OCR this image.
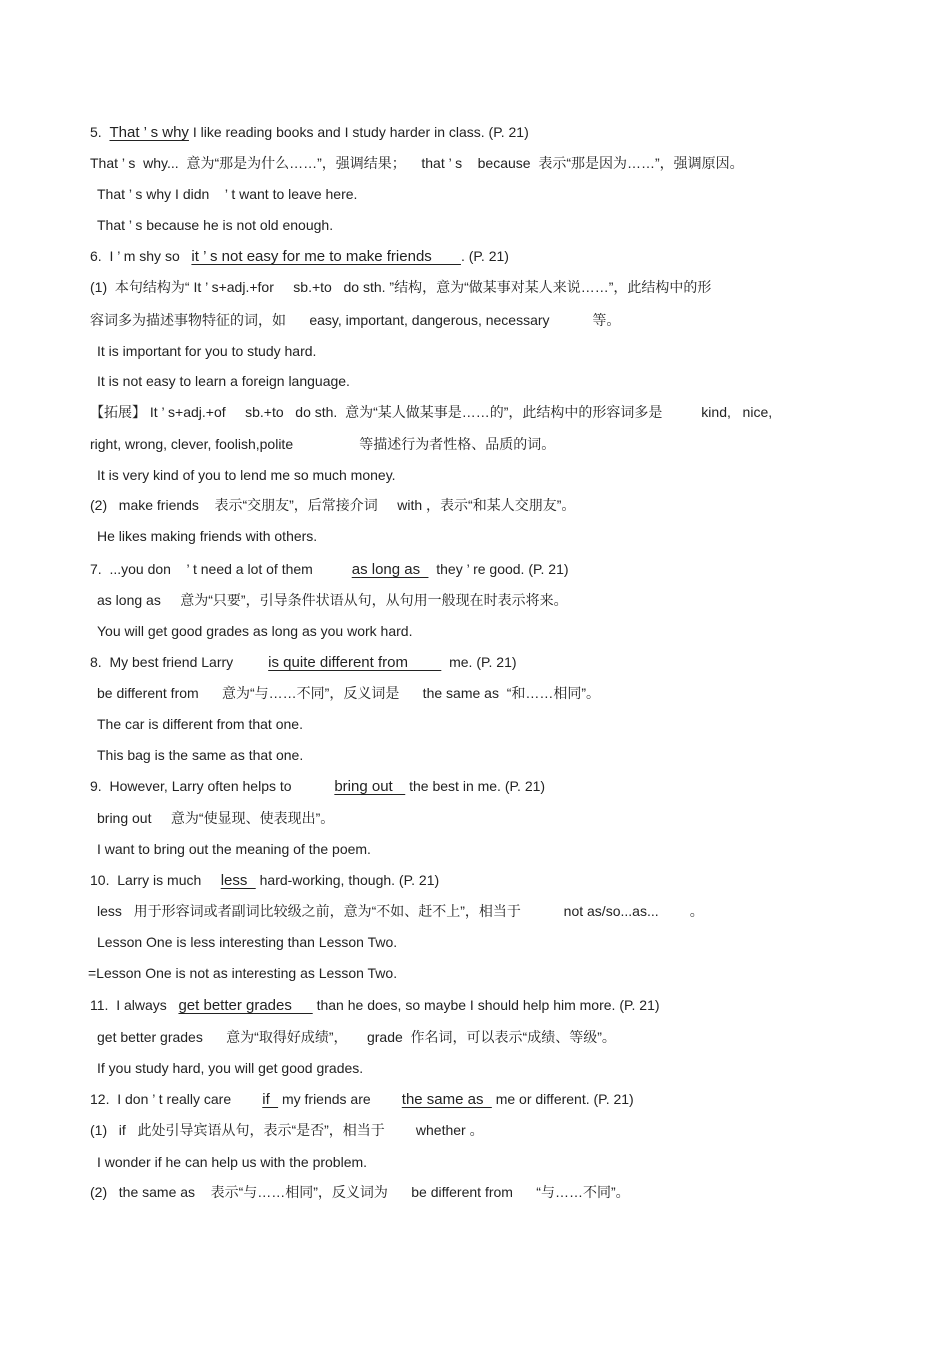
5.  That ’ s why I like reading books and I study harder in class. (P. 21)
That ’ s  why...  意为“那是为什么……”，强调结果；    that ’ s    because  表示“那是因为……”，强调原因。
That ’ s why I didn    ’ t want to leave here.
That ’ s because he is not old enough.
6.  I ’ m shy so   it ’ s not easy for me to make friends       . (P. 21)
(1)  本句结构为“ It ’ s+adj.+for     sb.+to   do sth. ”结构，意为“做某事对某人来说……”，此结构中的形
容词多为描述事物特征的词，如      easy, important, dangerous, necessary           等。
It is important for you to study hard.
It is not easy to learn a foreign language.
【拓展】 It ’ s+adj.+of     sb.+to   do sth.  意为“某人做某事是……的”，此结构中的形容词多是          kind,   nice,
right, wrong, clever, foolish,polite                 等描述行为者性格、品质的词。
It is very kind of you to lend me so much money.
(2)   make friends    表示“交朋友”，后常接介词     with ，表示“和某人交朋友”。
He likes making friends with others.
7.  ...you don    ’ t need a lot of them          as long as    they ’ re good. (P. 21)
as long as     意为“只要”，引导条件状语从句，从句用一般现在时表示将来。
You will get good grades as long as you work hard.
8.  My best friend Larry         is quite different from          me. (P. 21)
be different from      意为“与……不同”，反义词是      the same as  “和……相同”。
The car is different from that one.
This bag is the same as that one.
9.  However, Larry often helps to           bring out    the best in me. (P. 21)
bring out     意为“使显现、使表现出”。
I want to bring out the meaning of the poem.
10.  Larry is much     less   hard-working, though. (P. 21)
less   用于形容词或者副词比较级之前，意为“不如、赶不上”，相当于           not as/so...as...        。
Lesson One is less interesting than Lesson Two.
=Lesson One is not as interesting as Lesson Two.
11.  I always   get better grades      than he does, so maybe I should help him more. (P. 21)
get better grades      意为“取得好成绩”，     grade  作名词，可以表示“成绩、等级”。
If you study hard, you will get good grades.
12.  I don ’ t really care        if   my friends are        the same as   me or different. (P. 21)
(1)   if   此处引导宾语从句，表示“是否”，相当于        whether 。
I wonder if he can help us with the problem.
(2)   the same as    表示“与……相同”，反义词为      be different from      “与……不同”。
